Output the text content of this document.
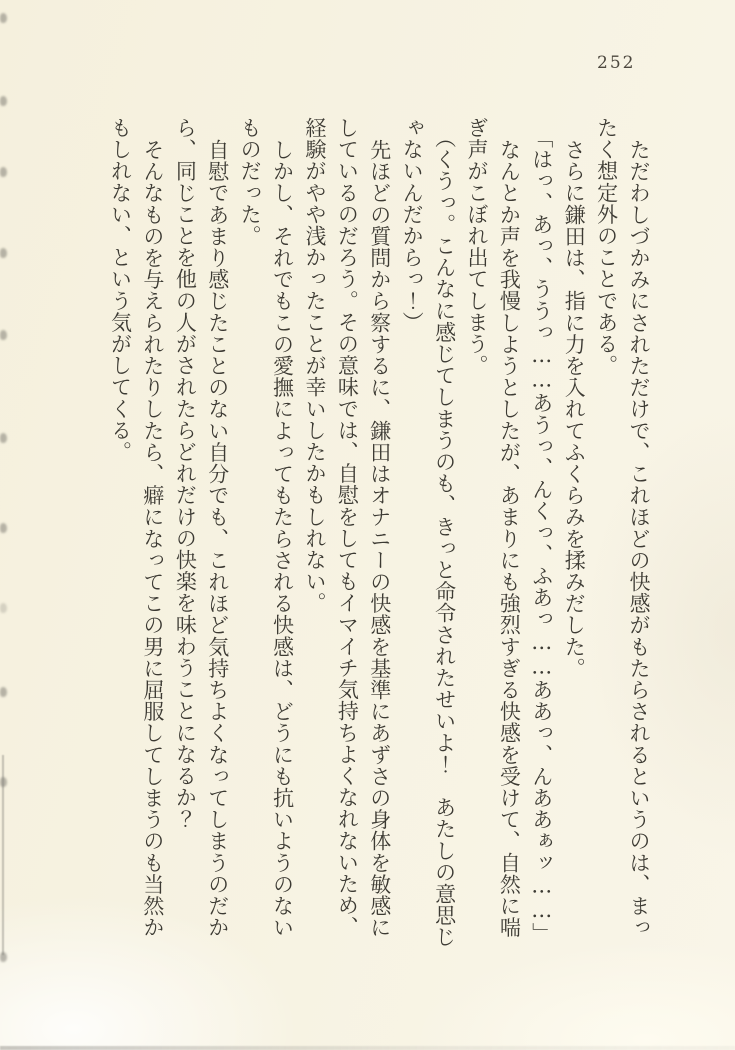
252
ただわしづかみにされただけで、これほどの快感がもたらされるというのは、まっ
たく想定外のことである。
さらに鎌田は、指に力を入れてふくらみを揉みだした。
「はっ、あっ、ううっ……あうっ、んくっ、ふあっ……ああっ、んああぁッ……」
なんとか声を我慢しようとしたが、あまりにも強烈すぎる快感を受けて、自然に喘
ぎ声がこぼれ出てしまう。
（くうっ。こんなに感じてしまうのも、きっと命令されたせいよ！　あたしの意思じ
ゃないんだからっ！）
先ほどの質問から察するに、鎌田はオナニーの快感を基準にあずさの身体を敏感に
しているのだろう。その意味では、自慰をしてもイマイチ気持ちよくなれないため、
経験がやや浅かったことが幸いしたかもしれない。
しかし、それでもこの愛撫によってもたらされる快感は、どうにも抗いようのない
ものだった。
自慰であまり感じたことのない自分でも、これほど気持ちよくなってしまうのだか
ら、同じことを他の人がされたらどれだけの快楽を味わうことになるか？
そんなものを与えられたりしたら、癖になってこの男に屈服してしまうのも当然か
もしれない、という気がしてくる。
